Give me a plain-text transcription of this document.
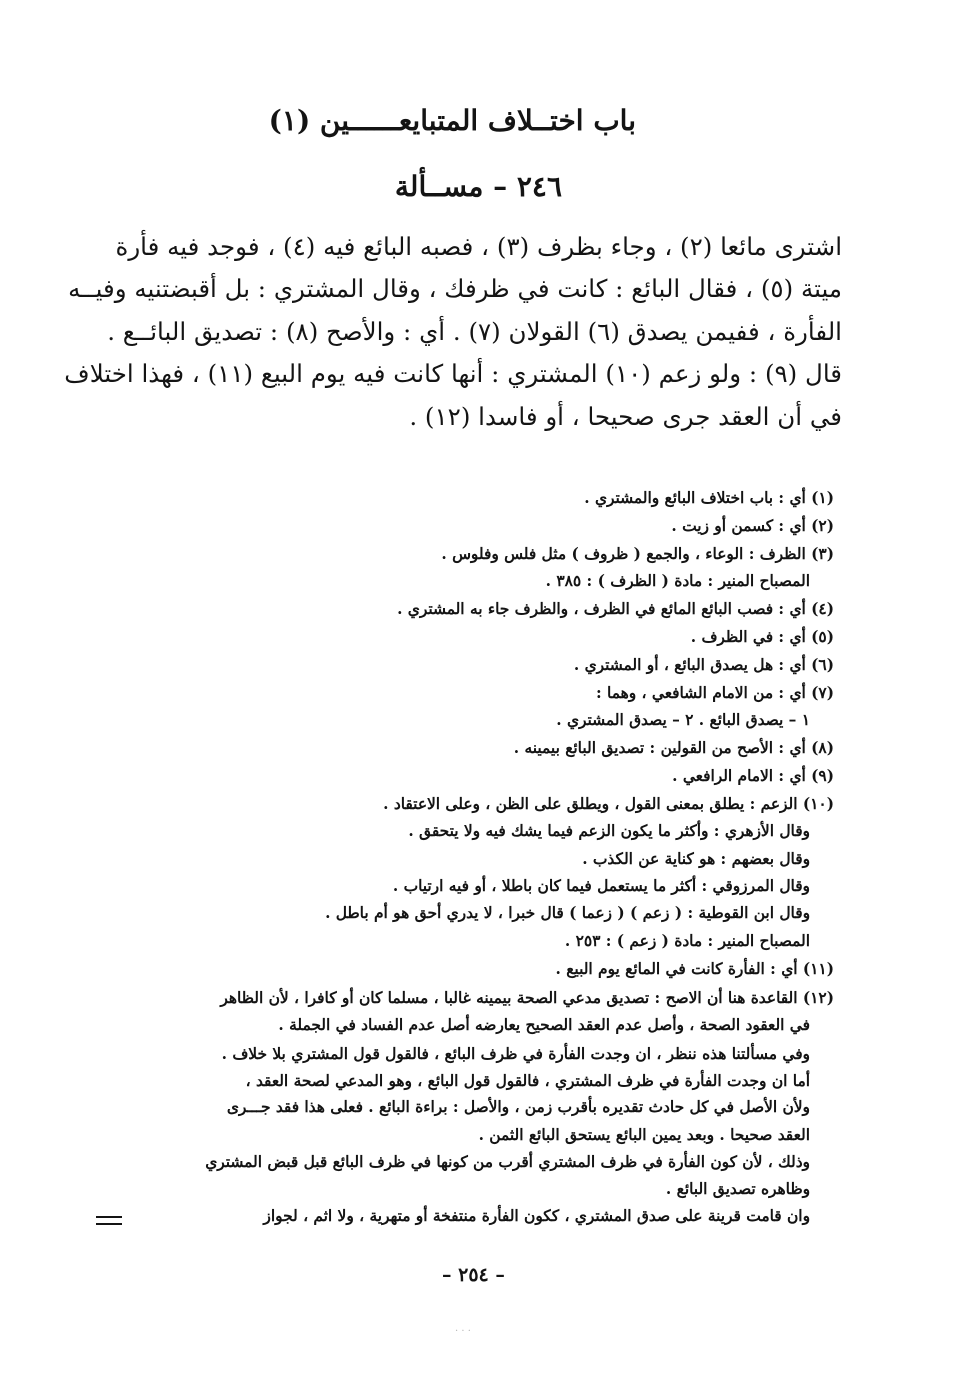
باب اختــلاف المتبايعــــــين (١)
٢٤٦ – مســألة
اشترى مائعا (٢) ، وجاء بظرف (٣) ، فصبه البائع فيه (٤) ، فوجد فيه فأرة
ميتة (٥) ، فقال البائع : كانت في ظرفك ، وقال المشتري : بل أقبضتنيه وفيــه
الفأرة ، ففيمن يصدق (٦) القولان (٧) . أي : والأصح (٨) : تصديق البائــع .
قال (٩) : ولو زعم (١٠) المشتري : أنها كانت فيه يوم البيع (١١) ، فهذا اختلاف
في أن العقد جرى صحيحا ، أو فاسدا (١٢) .
(١) أي : باب اختلاف البائع والمشتري .
(٢) أي : كسمن أو زيت .
(٣) الظرف : الوعاء ، والجمع ( ظروف ) مثل فلس وفلوس .
المصباح المنير : مادة ( الظرف ) : ٣٨٥ .
(٤) أي : فصب البائع المائع في الظرف ، والظرف جاء به المشتري .
(٥) أي : في الظرف .
(٦) أي : هل يصدق البائع ، أو المشتري .
(٧) أي : من الامام الشافعي ، وهما :
١ – يصدق البائع . ٢ – يصدق المشتري .
(٨) أي : الأصح من القولين : تصديق البائع بيمينه .
(٩) أي : الامام الرافعي .
(١٠) الزعم : يطلق بمعنى القول ، ويطلق على الظن ، وعلى الاعتقاد .
وقال الأزهري : وأكثر ما يكون الزعم فيما يشك فيه ولا يتحقق .
وقال بعضهم : هو كناية عن الكذب .
وقال المرزوقي : أكثر ما يستعمل فيما كان باطلا ، أو فيه ارتياب .
وقال ابن القوطية : ( زعم ) ( زعما ) قال خبرا ، لا يدري أحق هو أم باطل .
المصباح المنير : مادة ( زعم ) : ٢٥٣ .
(١١) أي : الفأرة كانت في المائع يوم البيع .
(١٢) القاعدة هنا أن الاصح : تصديق مدعي الصحة بيمينه غالبا ، مسلما كان أو كافرا ، لأن الظاهر
في العقود الصحة ، وأصل عدم العقد الصحيح يعارضه أصل عدم الفساد في الجملة .
وفي مسألتنا هذه ننظر ، ان وجدت الفأرة في ظرف البائع ، فالقول قول المشتري بلا خلاف .
أما ان وجدت الفأرة في ظرف المشتري ، فالقول قول البائع ، وهو المدعي لصحة العقد ،
ولأن الأصل في كل حادث تقديره بأقرب زمن ، والأصل : براءة البائع . فعلى هذا فقد جـــرى
العقد صحيحا . وبعد يمين البائع يستحق البائع الثمن .
وذلك ، لأن كون الفأرة في ظرف المشتري أقرب من كونها في ظرف البائع قبل قبض المشتري
وظاهره تصديق البائع .
وان قامت قرينة على صدق المشتري ، ككون الفأرة منتفخة أو متهرية ، ولا اثم ، لجواز
– ٢٥٤ –
· · ·
